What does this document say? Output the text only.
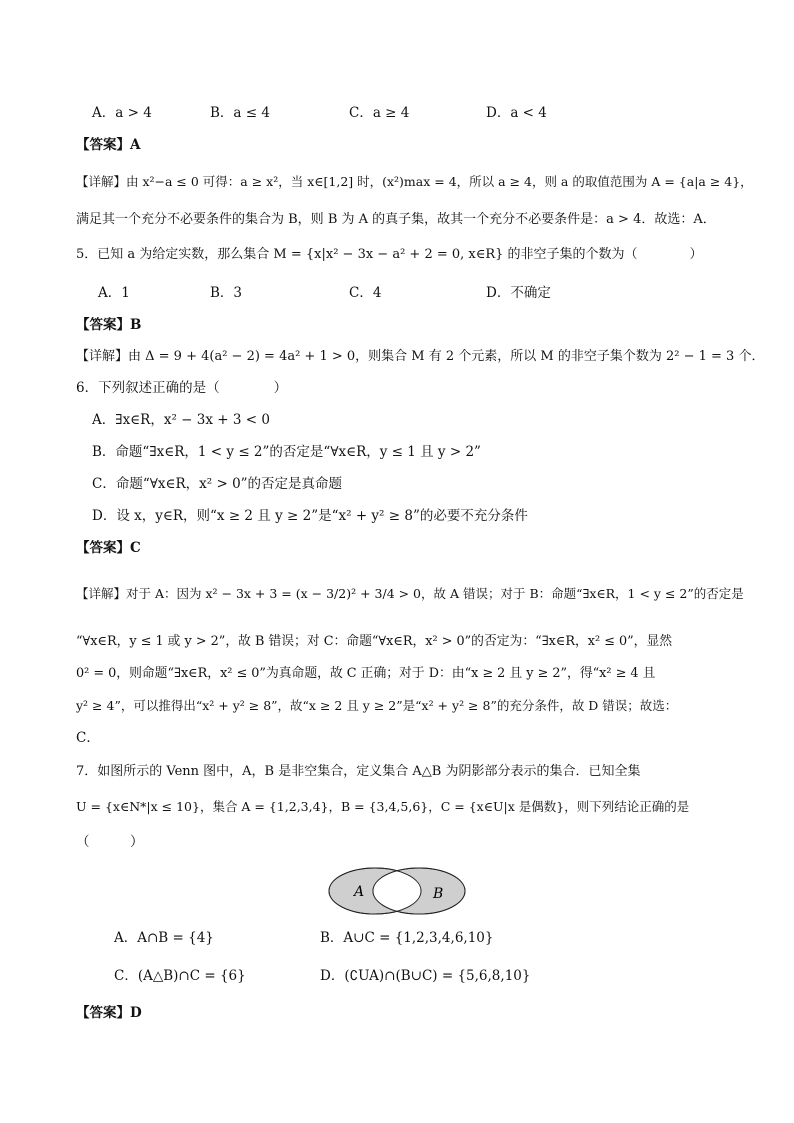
A．a > 4	B．a ≤ 4	C．a ≥ 4	D．a < 4
【答案】A
【详解】由 x²−a ≤ 0 可得：a ≥ x²，当 x∈[1,2] 时，(x²)max = 4，所以 a ≥ 4，则 a 的取值范围为 A = {a|a ≥ 4}，
满足其一个充分不必要条件的集合为 B，则 B 为 A 的真子集，故其一个充分不必要条件是：a > 4．故选：A．
5．已知 a 为给定实数，那么集合 M = {x|x² − 3x − a² + 2 = 0, x∈R} 的非空子集的个数为（　　　　）
A．1	B．3	C．4	D．不确定
【答案】B
【详解】由 Δ = 9 + 4(a² − 2) = 4a² + 1 > 0，则集合 M 有 2 个元素，所以 M 的非空子集个数为 2² − 1 = 3 个．
6．下列叙述正确的是（　　　　）
A．∃x∈R，x² − 3x + 3 < 0
B．命题“∃x∈R，1 < y ≤ 2”的否定是“∀x∈R，y ≤ 1 且 y > 2”
C．命题“∀x∈R，x² > 0”的否定是真命题
D．设 x，y∈R，则“x ≥ 2 且 y ≥ 2”是“x² + y² ≥ 8”的必要不充分条件
【答案】C
【详解】对于 A：因为 x² − 3x + 3 = (x − 3/2)² + 3/4 > 0，故 A 错误；对于 B：命题“∃x∈R，1 < y ≤ 2”的否定是
“∀x∈R，y ≤ 1 或 y > 2”，故 B 错误；对 C：命题“∀x∈R，x² > 0”的否定为：“∃x∈R，x² ≤ 0”，显然
0² = 0，则命题“∃x∈R，x² ≤ 0”为真命题，故 C 正确；对于 D：由“x ≥ 2 且 y ≥ 2”，得“x² ≥ 4 且
y² ≥ 4”，可以推得出“x² + y² ≥ 8”，故“x ≥ 2 且 y ≥ 2”是“x² + y² ≥ 8”的充分条件，故 D 错误；故选：
C．
7．如图所示的 Venn 图中，A，B 是非空集合，定义集合 A△B 为阴影部分表示的集合．已知全集
U = {x∈N*|x ≤ 10}，集合 A = {1,2,3,4}，B = {3,4,5,6}，C = {x∈U|x 是偶数}，则下列结论正确的是
（　　　）
A	B
A．A∩B = {4}	B．A∪C = {1,2,3,4,6,10}
C．(A△B)∩C = {6}	D．(∁UA)∩(B∪C) = {5,6,8,10}
【答案】D
